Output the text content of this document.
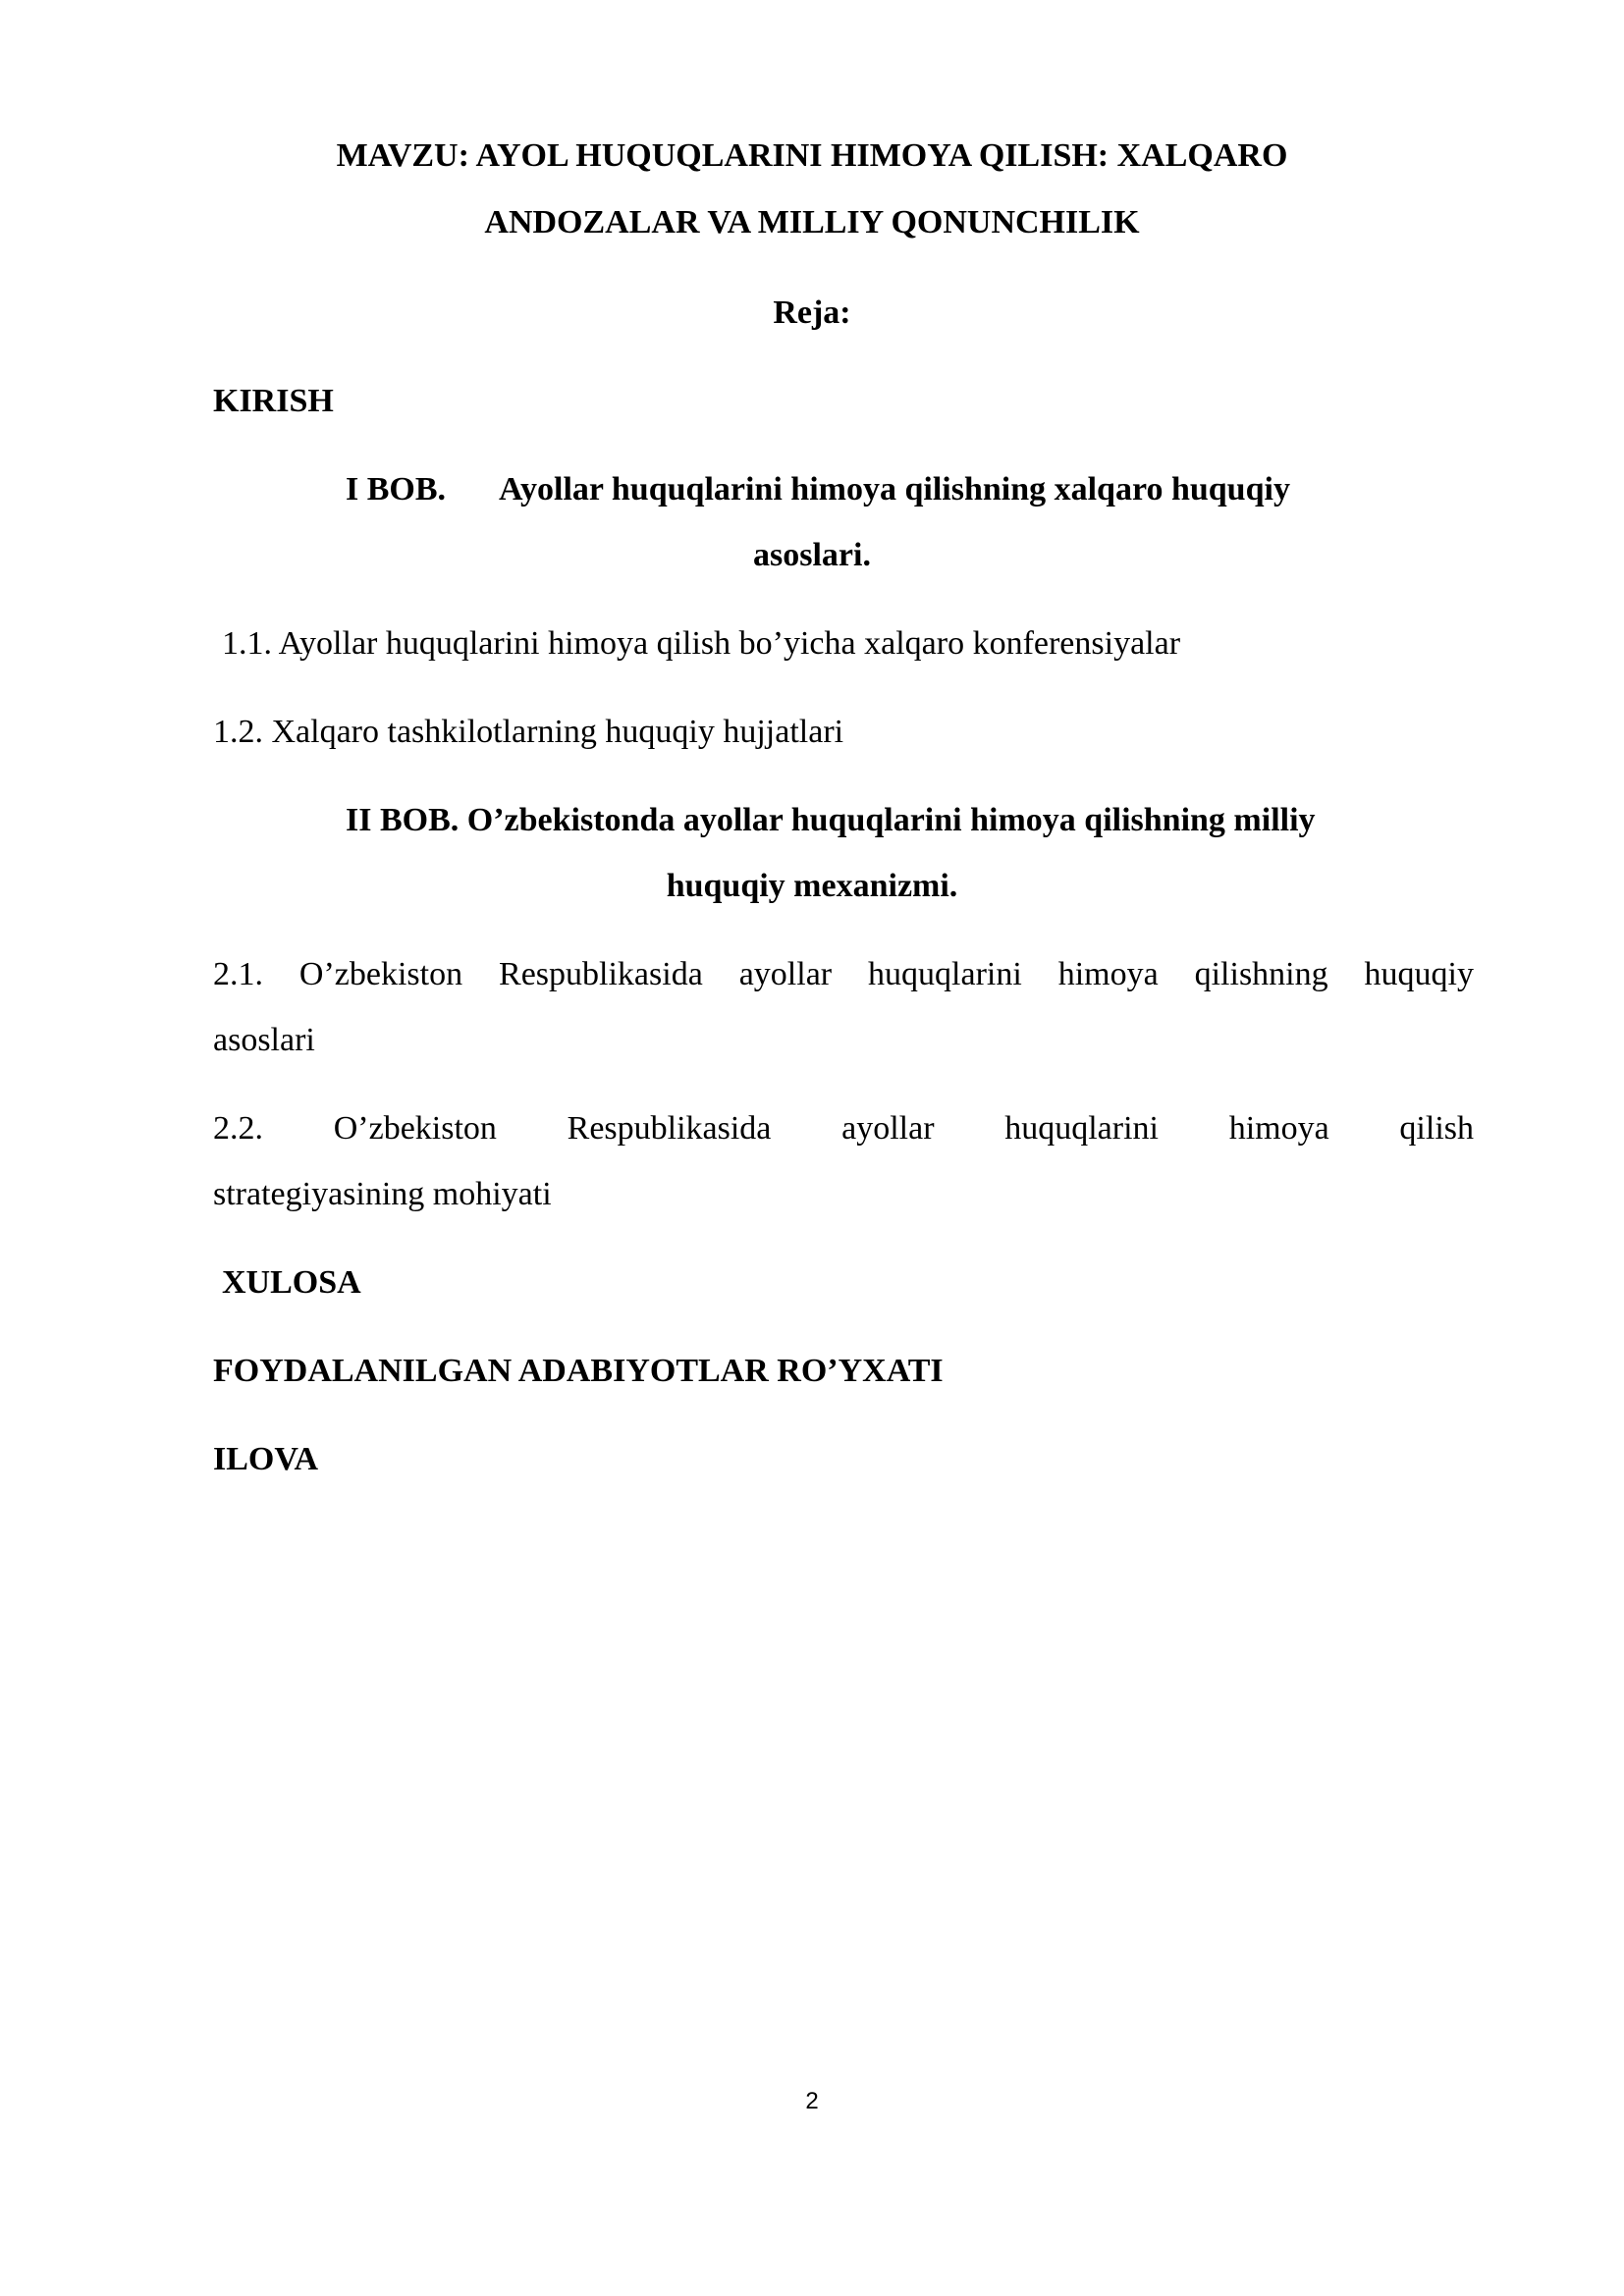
MAVZU: AYOL HUQUQLARINI HIMOYA QILISH: XALQARO
ANDOZALAR VA MILLIY QONUNCHILIK
Reja:
KIRISH
I BOB. Ayollar huquqlarini himoya qilishning xalqaro huquqiy
asoslari.
1.1. Ayollar huquqlarini himoya qilish bo’yicha xalqaro konferensiyalar
1.2. Xalqaro tashkilotlarning huquqiy hujjatlari
II BOB. O’zbekistonda ayollar huquqlarini himoya qilishning milliy
huquqiy mexanizmi.
2.1. O’zbekiston Respublikasida ayollar huquqlarini himoya qilishning huquqiy
asoslari
2.2. O’zbekiston Respublikasida ayollar huquqlarini himoya qilish
strategiyasining mohiyati
XULOSA
FOYDALANILGAN ADABIYOTLAR RO’YXATI
ILOVA
2
